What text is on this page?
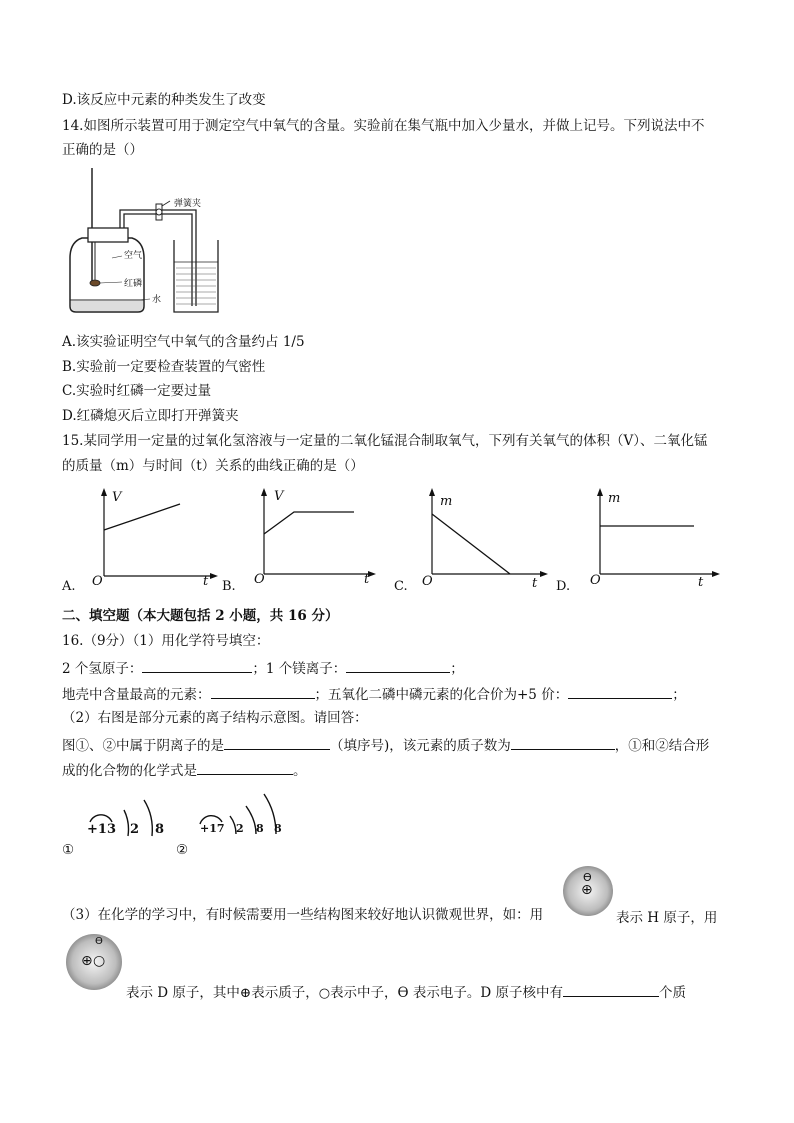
D.该反应中元素的种类发生了改变
14.如图所示装置可用于测定空气中氧气的含量。实验前在集气瓶中加入少量水，并做上记号。下列说法中不
正确的是（）
弹簧夹
空气
红磷
水
A.该实验证明空气中氧气的含量约占 1/5
B.实验前一定要检查装置的气密性
C.实验时红磷一定要过量
D.红磷熄灭后立即打开弹簧夹
15.某同学用一定量的过氧化氢溶液与一定量的二氧化锰混合制取氧气，下列有关氧气的体积（V）、二氧化锰
的质量（m）与时间（t）关系的曲线正确的是（）
A.
V
O	t B.
V
O	t C.
m
O	t D.
m
O	t
二、填空题（本大题包括 2 小题，共 16 分）
16.（9分）（1）用化学符号填空：
2 个氢原子：	；1 个镁离子：	；
地壳中含量最高的元素：	；五氧化二磷中磷元素的化合价为+5 价：	；
（2）右图是部分元素的离子结构示意图。请回答：
图①、②中属于阴离子的是	（填序号)，该元素的质子数为	，①和②结合形
成的化合物的化学式是	。
+13 2 8
①
+17 2 8 8
②
（3）在化学的学习中，有时候需要用一些结构图来较好地认识微观世界，如：用
ϴ
⊕
表示 H 原子，用
ϴ
⊕ ○
表示 D 原子，其中⊕表示质子，○表示中子，ϴ 表示电子。D 原子核中有	个质
